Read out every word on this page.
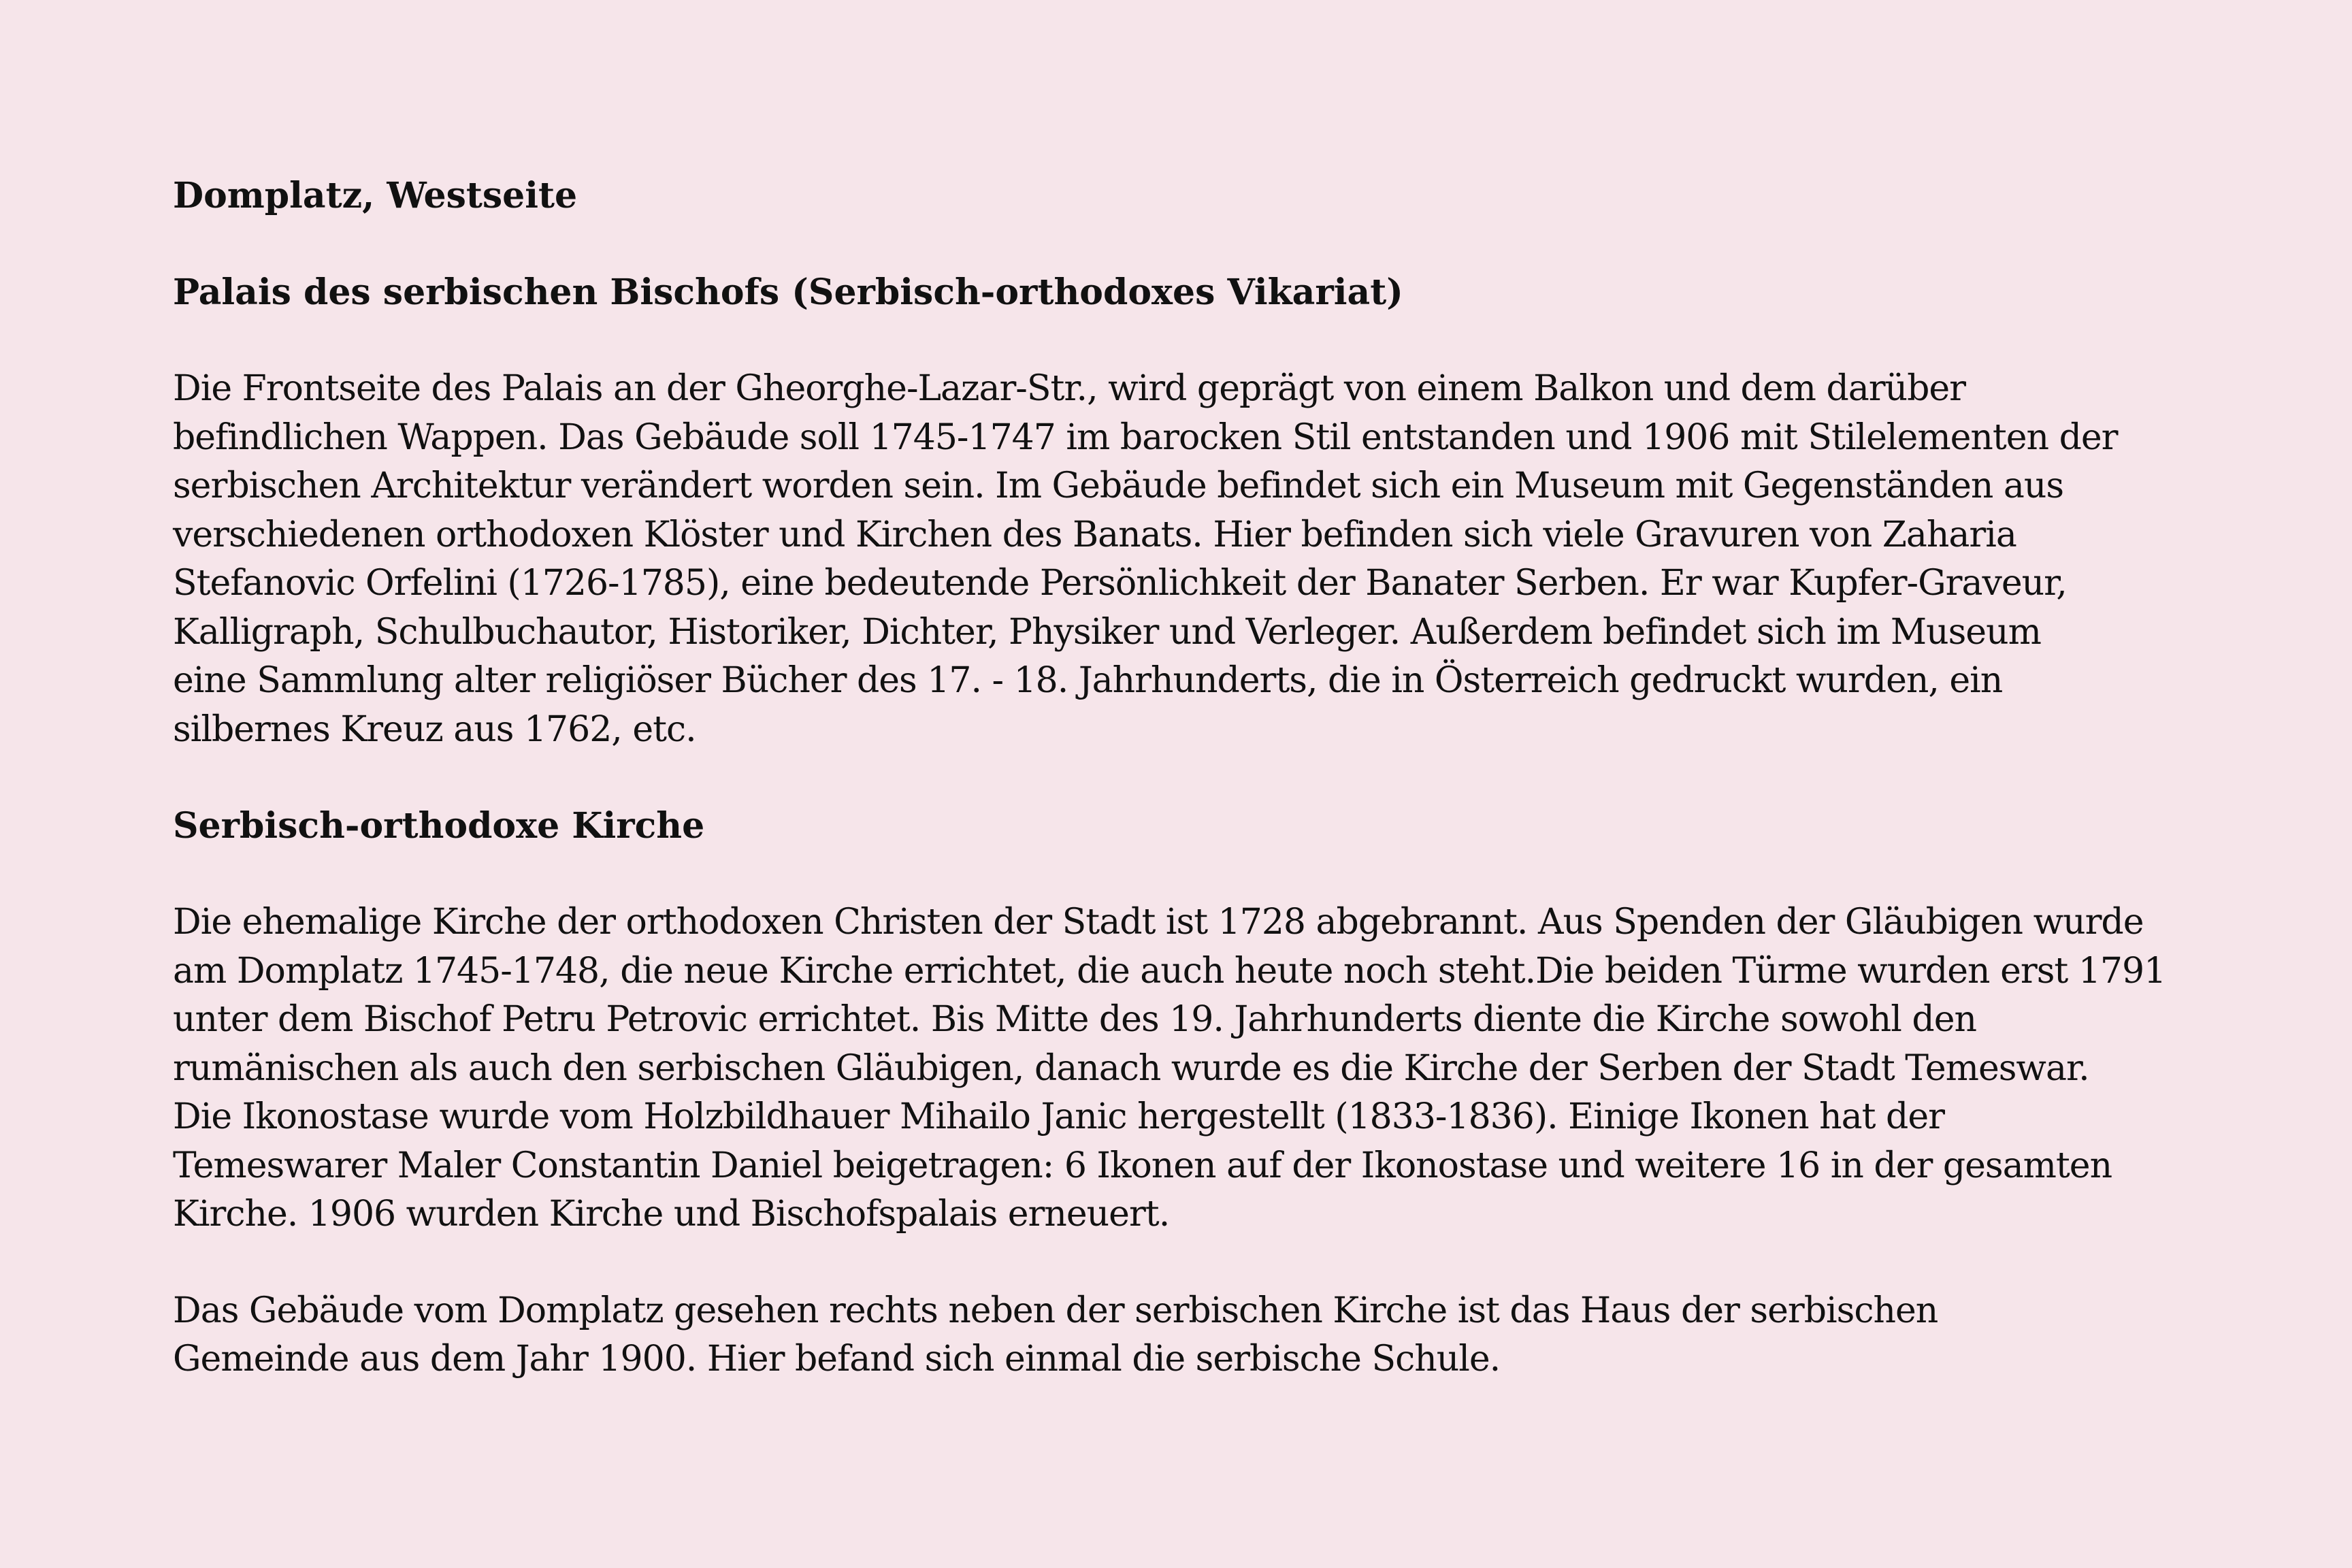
Domplatz, Westseite
Palais des serbischen Bischofs (Serbisch-orthodoxes Vikariat)

Die Frontseite des Palais an der Gheorghe-Lazar-Str., wird geprägt von einem Balkon und dem darüber
befindlichen Wappen. Das Gebäude soll 1745-1747 im barocken Stil entstanden und 1906 mit Stilelementen der
serbischen Architektur verändert worden sein. Im Gebäude befindet sich ein Museum mit Gegenständen aus
verschiedenen orthodoxen Klöster und Kirchen des Banats. Hier befinden sich viele Gravuren von Zaharia
Stefanovic Orfelini (1726-1785), eine bedeutende Persönlichkeit der Banater Serben. Er war Kupfer-Graveur,
Kalligraph, Schulbuchautor, Historiker, Dichter, Physiker und Verleger. Außerdem befindet sich im Museum
eine Sammlung alter religiöser Bücher des 17. - 18. Jahrhunderts, die in Österreich gedruckt wurden, ein
silbernes Kreuz aus 1762, etc.

Serbisch-orthodoxe Kirche

Die ehemalige Kirche der orthodoxen Christen der Stadt ist 1728 abgebrannt. Aus Spenden der Gläubigen wurde
am Domplatz 1745-1748, die neue Kirche errichtet, die auch heute noch steht.Die beiden Türme wurden erst 1791
unter dem Bischof Petru Petrovic errichtet. Bis Mitte des 19. Jahrhunderts diente die Kirche sowohl den
rumänischen als auch den serbischen Gläubigen, danach wurde es die Kirche der Serben der Stadt Temeswar.
Die Ikonostase wurde vom Holzbildhauer Mihailo Janic hergestellt (1833-1836). Einige Ikonen hat der
Temeswarer Maler Constantin Daniel beigetragen: 6 Ikonen auf der Ikonostase und weitere 16 in der gesamten
Kirche. 1906 wurden Kirche und Bischofspalais erneuert.

Das Gebäude vom Domplatz gesehen rechts neben der serbischen Kirche ist das Haus der serbischen
Gemeinde aus dem Jahr 1900. Hier befand sich einmal die serbische Schule.
